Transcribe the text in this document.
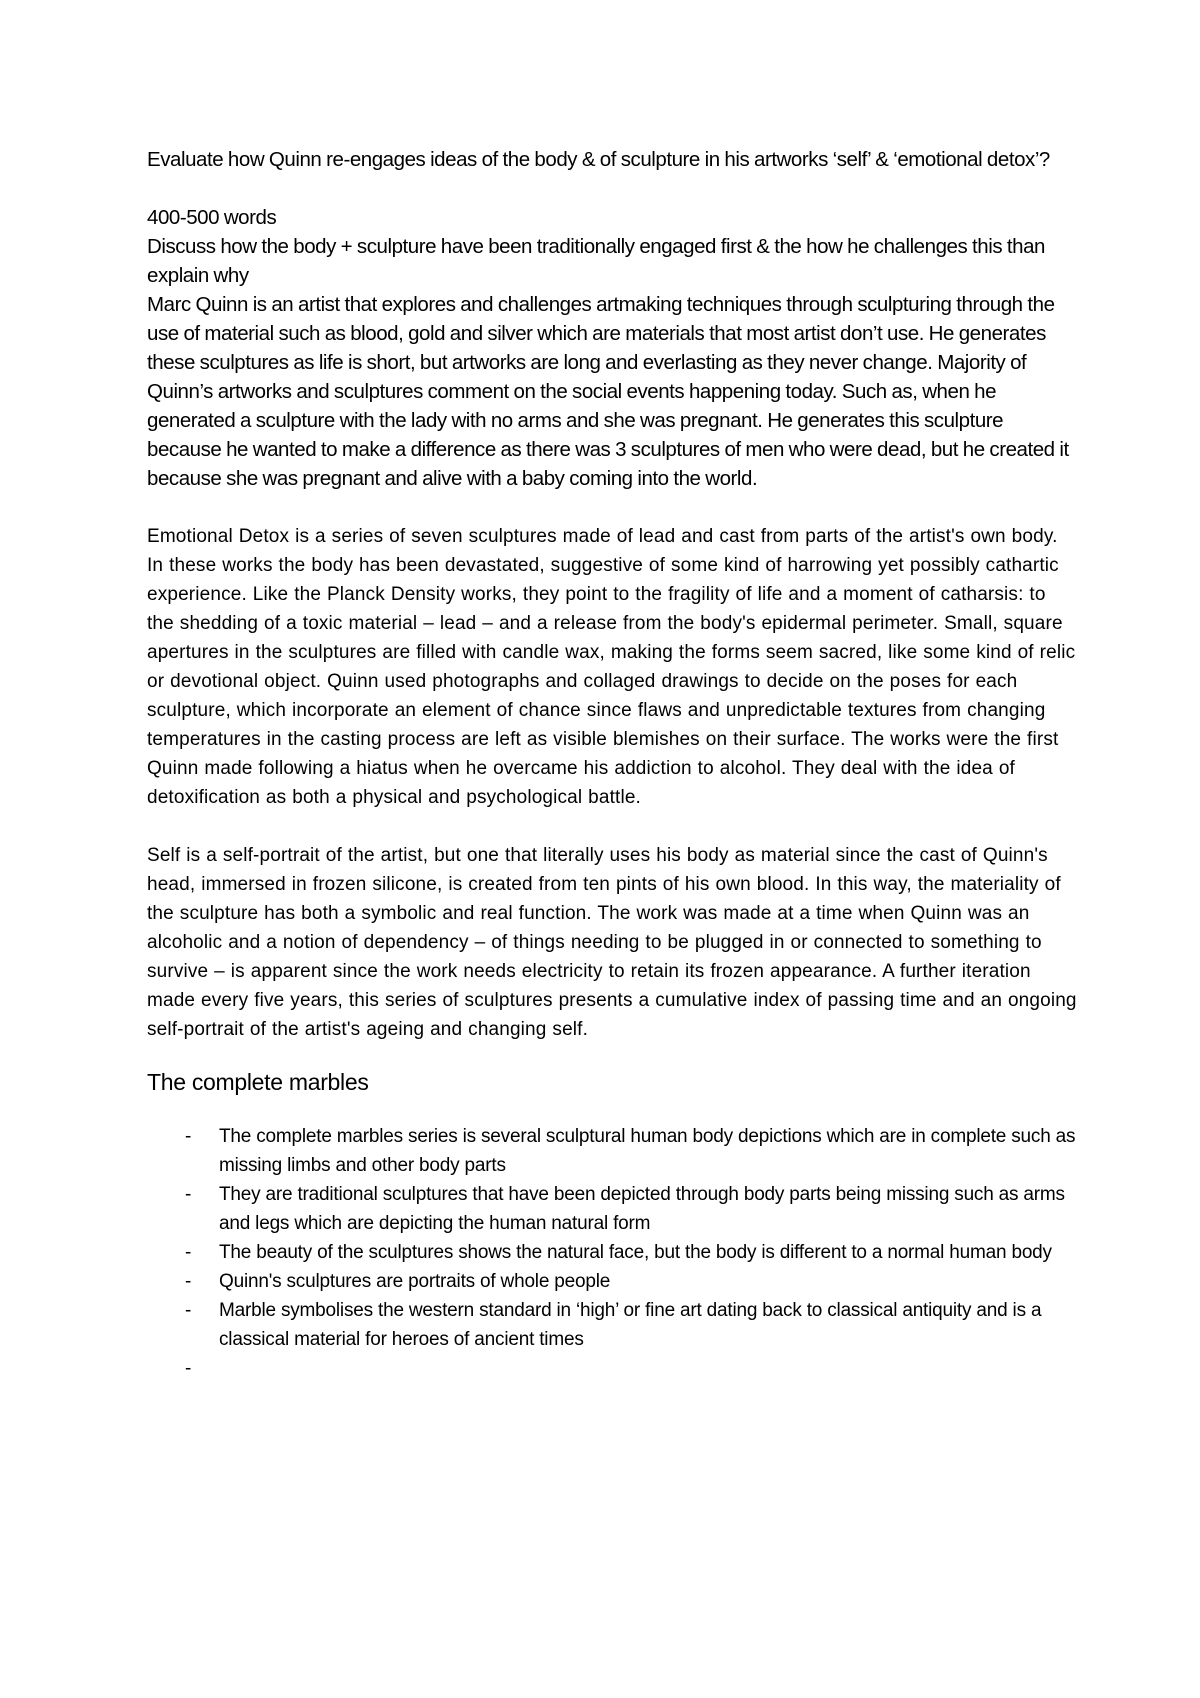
Evaluate how Quinn re-engages ideas of the body & of sculpture in his artworks ‘self’ & ‘emotional detox’?

400-500 words

Discuss how the body + sculpture have been traditionally engaged first & the how he challenges this than explain why

Marc Quinn is an artist that explores and challenges artmaking techniques through sculpturing through the use of material such as blood, gold and silver which are materials that most artist don’t use. He generates these sculptures as life is short, but artworks are long and everlasting as they never change. Majority of Quinn’s artworks and sculptures comment on the social events happening today. Such as, when he generated a sculpture with the lady with no arms and she was pregnant. He generates this sculpture because he wanted to make a difference as there was 3 sculptures of men who were dead, but he created it because she was pregnant and alive with a baby coming into the world.

Emotional Detox is a series of seven sculptures made of lead and cast from parts of the artist's own body. In these works the body has been devastated, suggestive of some kind of harrowing yet possibly cathartic experience. Like the Planck Density works, they point to the fragility of life and a moment of catharsis: to the shedding of a toxic material – lead – and a release from the body's epidermal perimeter. Small, square apertures in the sculptures are filled with candle wax, making the forms seem sacred, like some kind of relic or devotional object. Quinn used photographs and collaged drawings to decide on the poses for each sculpture, which incorporate an element of chance since flaws and unpredictable textures from changing temperatures in the casting process are left as visible blemishes on their surface. The works were the first Quinn made following a hiatus when he overcame his addiction to alcohol. They deal with the idea of detoxification as both a physical and psychological battle.

Self is a self-portrait of the artist, but one that literally uses his body as material since the cast of Quinn's head, immersed in frozen silicone, is created from ten pints of his own blood. In this way, the materiality of the sculpture has both a symbolic and real function. The work was made at a time when Quinn was an alcoholic and a notion of dependency – of things needing to be plugged in or connected to something to survive – is apparent since the work needs electricity to retain its frozen appearance. A further iteration made every five years, this series of sculptures presents a cumulative index of passing time and an ongoing self-portrait of the artist's ageing and changing self.

The complete marbles
- The complete marbles series is several sculptural human body depictions which are in complete such as missing limbs and other body parts
- They are traditional sculptures that have been depicted through body parts being missing such as arms and legs which are depicting the human natural form
- The beauty of the sculptures shows the natural face, but the body is different to a normal human body
- Quinn's sculptures are portraits of whole people
- Marble symbolises the western standard in ‘high’ or fine art dating back to classical antiquity and is a classical material for heroes of ancient times
-
